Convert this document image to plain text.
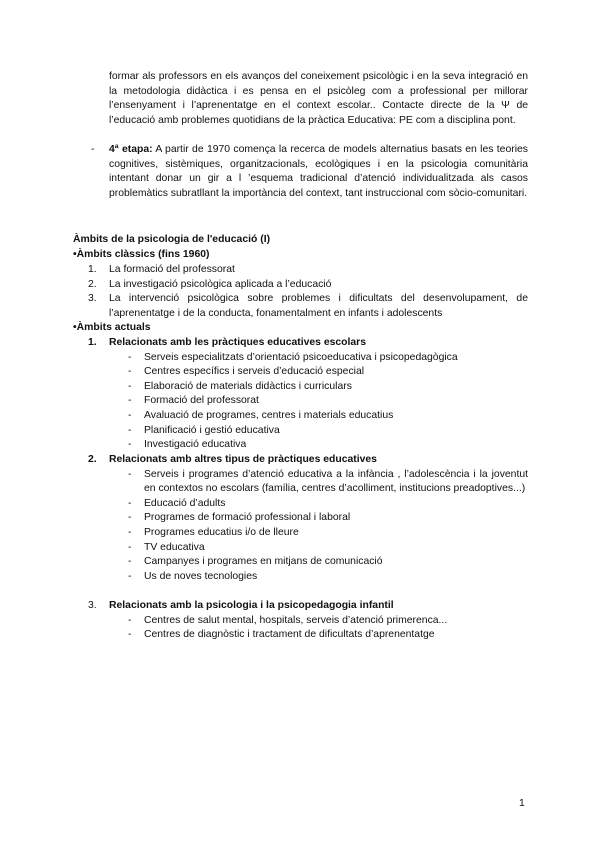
formar als professors en els avanços del coneixement psicològic i en la seva integració en la metodologia didàctica i es pensa en el psicòleg com a professional per millorar l’ensenyament i l’aprenentatge en el context escolar.. Contacte directe de la Ψ de l’educació amb problemes quotidians de la pràctica Educativa: PE com a disciplina pont.

- 4ª etapa: A partir de 1970 comença la recerca de models alternatius basats en les teories cognitives, sistèmiques, organitzacionals, ecològiques i en la psicologia comunitària intentant donar un gir a l ’esquema tradicional d’atenció individualitzada als casos problemàtics subratllant la importància del context, tant instruccional com sòcio-comunitari.

Àmbits de la psicologia de l'educació (I)
•Àmbits clàssics (fins 1960)
1. La formació del professorat

2. La investigació psicològica aplicada a l’educació

3. La intervenció psicològica sobre problemes i dificultats del desenvolupament, de l’aprenentatge i de la conducta, fonamentalment en infants i adolescents

•Àmbits actuals
1. Relacionats amb les pràctiques educatives escolars

- Serveis especialitzats d’orientació psicoeducativa i psicopedagògica
- Centres específics i serveis d’educació especial
- Elaboració de materials didàctics i curriculars
- Formació del professorat
- Avaluació de programes, centres i materials educatius
- Planificació i gestió educativa
- Investigació educativa
2. Relacionats amb altres tipus de pràctiques educatives

- Serveis i programes d’atenció educativa a la infància , l’adolescència i la joventut en contextos no escolars (família, centres d’acolliment, institucions preadoptives...)
- Educació d’adults
- Programes de formació professional i laboral
- Programes educatius i/o de lleure
- TV educativa
- Campanyes i programes en mitjans de comunicació
- Us de noves tecnologies
3. Relacionats amb la psicologia i la psicopedagogia infantil

- Centres de salut mental, hospitals, serveis d’atenció primerenca...
- Centres de diagnòstic i tractament de dificultats d’aprenentatge
1
